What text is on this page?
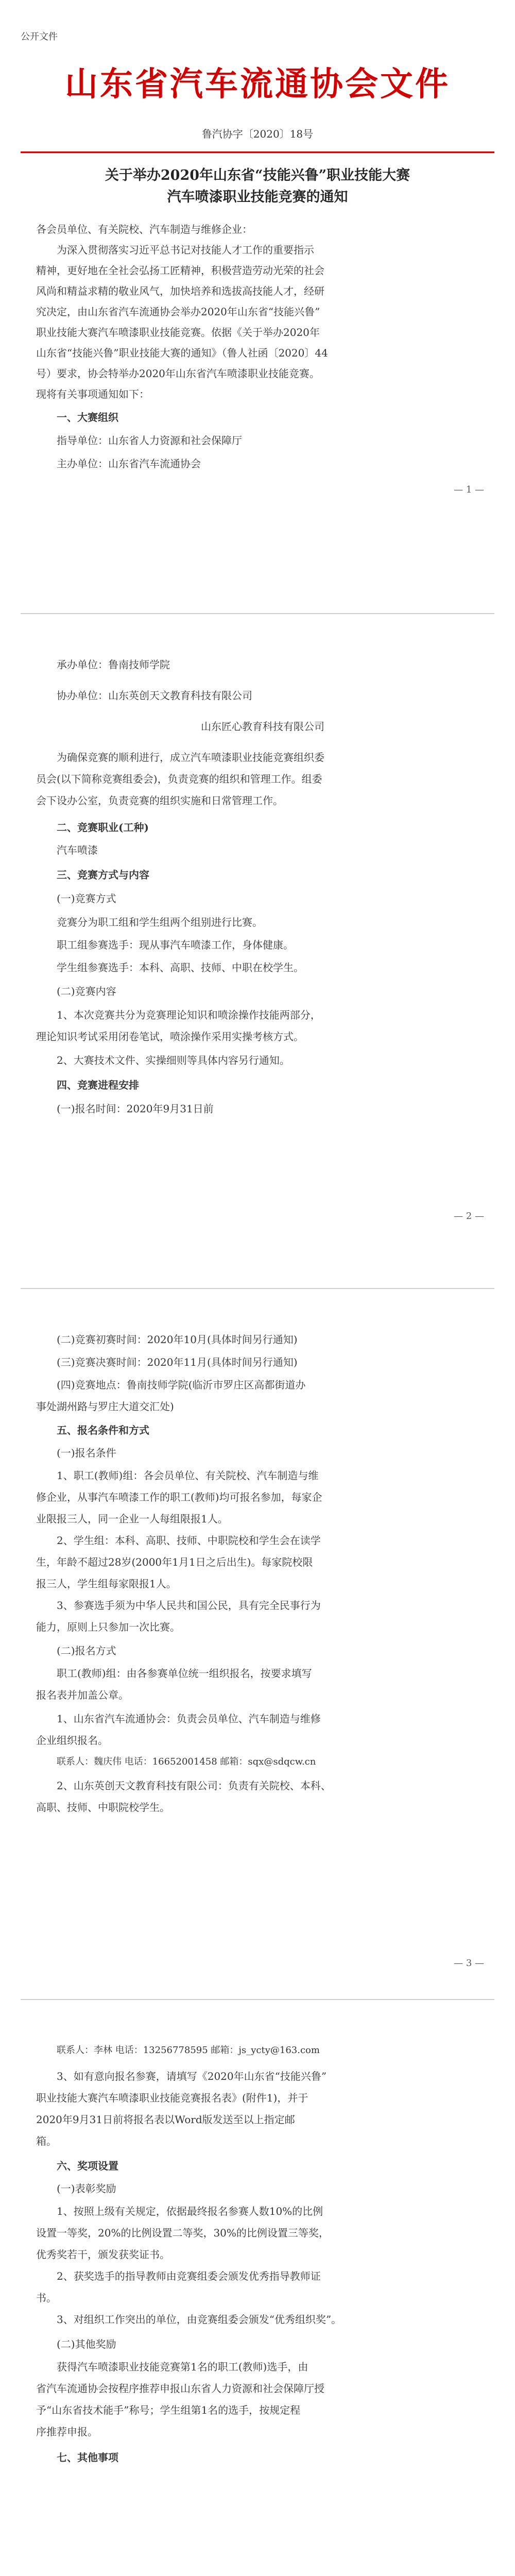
公开文件

山东省汽车流通协会文件
鲁汽协字〔2020〕18号
关于举办2020年山东省“技能兴鲁”职业技能大赛
汽车喷漆职业技能竞赛的通知

各会员单位、有关院校、汽车制造与维修企业：

为深入贯彻落实习近平总书记对技能人才工作的重要指示

精神，更好地在全社会弘扬工匠精神，积极营造劳动光荣的社会

风尚和精益求精的敬业风气，加快培养和选拔高技能人才，经研

究决定，由山东省汽车流通协会举办2020年山东省“技能兴鲁”

职业技能大赛汽车喷漆职业技能竞赛。依据《关于举办2020年

山东省“技能兴鲁”职业技能大赛的通知》（鲁人社函〔2020〕44

号）要求，协会特举办2020年山东省汽车喷漆职业技能竞赛。

现将有关事项通知如下：

一、大赛组织

指导单位：山东省人力资源和社会保障厅

主办单位：山东省汽车流通协会

— 1 —

承办单位：鲁南技师学院

协办单位：山东英创天文教育科技有限公司

山东匠心教育科技有限公司

为确保竞赛的顺利进行，成立汽车喷漆职业技能竞赛组织委

员会(以下简称竞赛组委会)，负责竞赛的组织和管理工作。组委

会下设办公室，负责竞赛的组织实施和日常管理工作。

二、竞赛职业(工种)

汽车喷漆

三、竞赛方式与内容

(一)竞赛方式

竞赛分为职工组和学生组两个组别进行比赛。

职工组参赛选手：现从事汽车喷漆工作，身体健康。

学生组参赛选手：本科、高职、技师、中职在校学生。

(二)竞赛内容

1、本次竞赛共分为竞赛理论知识和喷涂操作技能两部分，

理论知识考试采用闭卷笔试，喷涂操作采用实操考核方式。

2、大赛技术文件、实操细则等具体内容另行通知。

四、竞赛进程安排

(一)报名时间：2020年9月31日前

— 2 —

(二)竞赛初赛时间：2020年10月(具体时间另行通知)

(三)竞赛决赛时间：2020年11月(具体时间另行通知)

(四)竞赛地点：鲁南技师学院(临沂市罗庄区高都街道办

事处湖州路与罗庄大道交汇处)

五、报名条件和方式

(一)报名条件

1、职工(教师)组：各会员单位、有关院校、汽车制造与维

修企业，从事汽车喷漆工作的职工(教师)均可报名参加，每家企

业限报三人，同一企业一人每组限报1人。

2、学生组：本科、高职、技师、中职院校和学生会在读学

生，年龄不超过28岁(2000年1月1日之后出生)。每家院校限

报三人，学生组每家限报1人。

3、参赛选手须为中华人民共和国公民，具有完全民事行为

能力，原则上只参加一次比赛。

(二)报名方式

职工(教师)组：由各参赛单位统一组织报名，按要求填写

报名表并加盖公章。

1、山东省汽车流通协会：负责会员单位、汽车制造与维修

企业组织报名。

联系人：魏庆伟 电话：16652001458 邮箱：sqx@sdqcw.cn

2、山东英创天文教育科技有限公司：负责有关院校、本科、

高职、技师、中职院校学生。

— 3 —

联系人：李林 电话：13256778595 邮箱：js_ycty@163.com

3、如有意向报名参赛，请填写《2020年山东省“技能兴鲁”

职业技能大赛汽车喷漆职业技能竞赛报名表》(附件1)，并于

2020年9月31日前将报名表以Word版发送至以上指定邮

箱。

六、奖项设置

(一)表彰奖励

1、按照上级有关规定，依据最终报名参赛人数10%的比例

设置一等奖，20%的比例设置二等奖，30%的比例设置三等奖，

优秀奖若干，颁发获奖证书。

2、获奖选手的指导教师由竞赛组委会颁发优秀指导教师证

书。

3、对组织工作突出的单位，由竞赛组委会颁发“优秀组织奖”。

(二)其他奖励

获得汽车喷漆职业技能竞赛第1名的职工(教师)选手，由

省汽车流通协会按程序推荐申报山东省人力资源和社会保障厅授

予“山东省技术能手”称号；学生组第1名的选手，按规定程

序推荐申报。

七、其他事项
